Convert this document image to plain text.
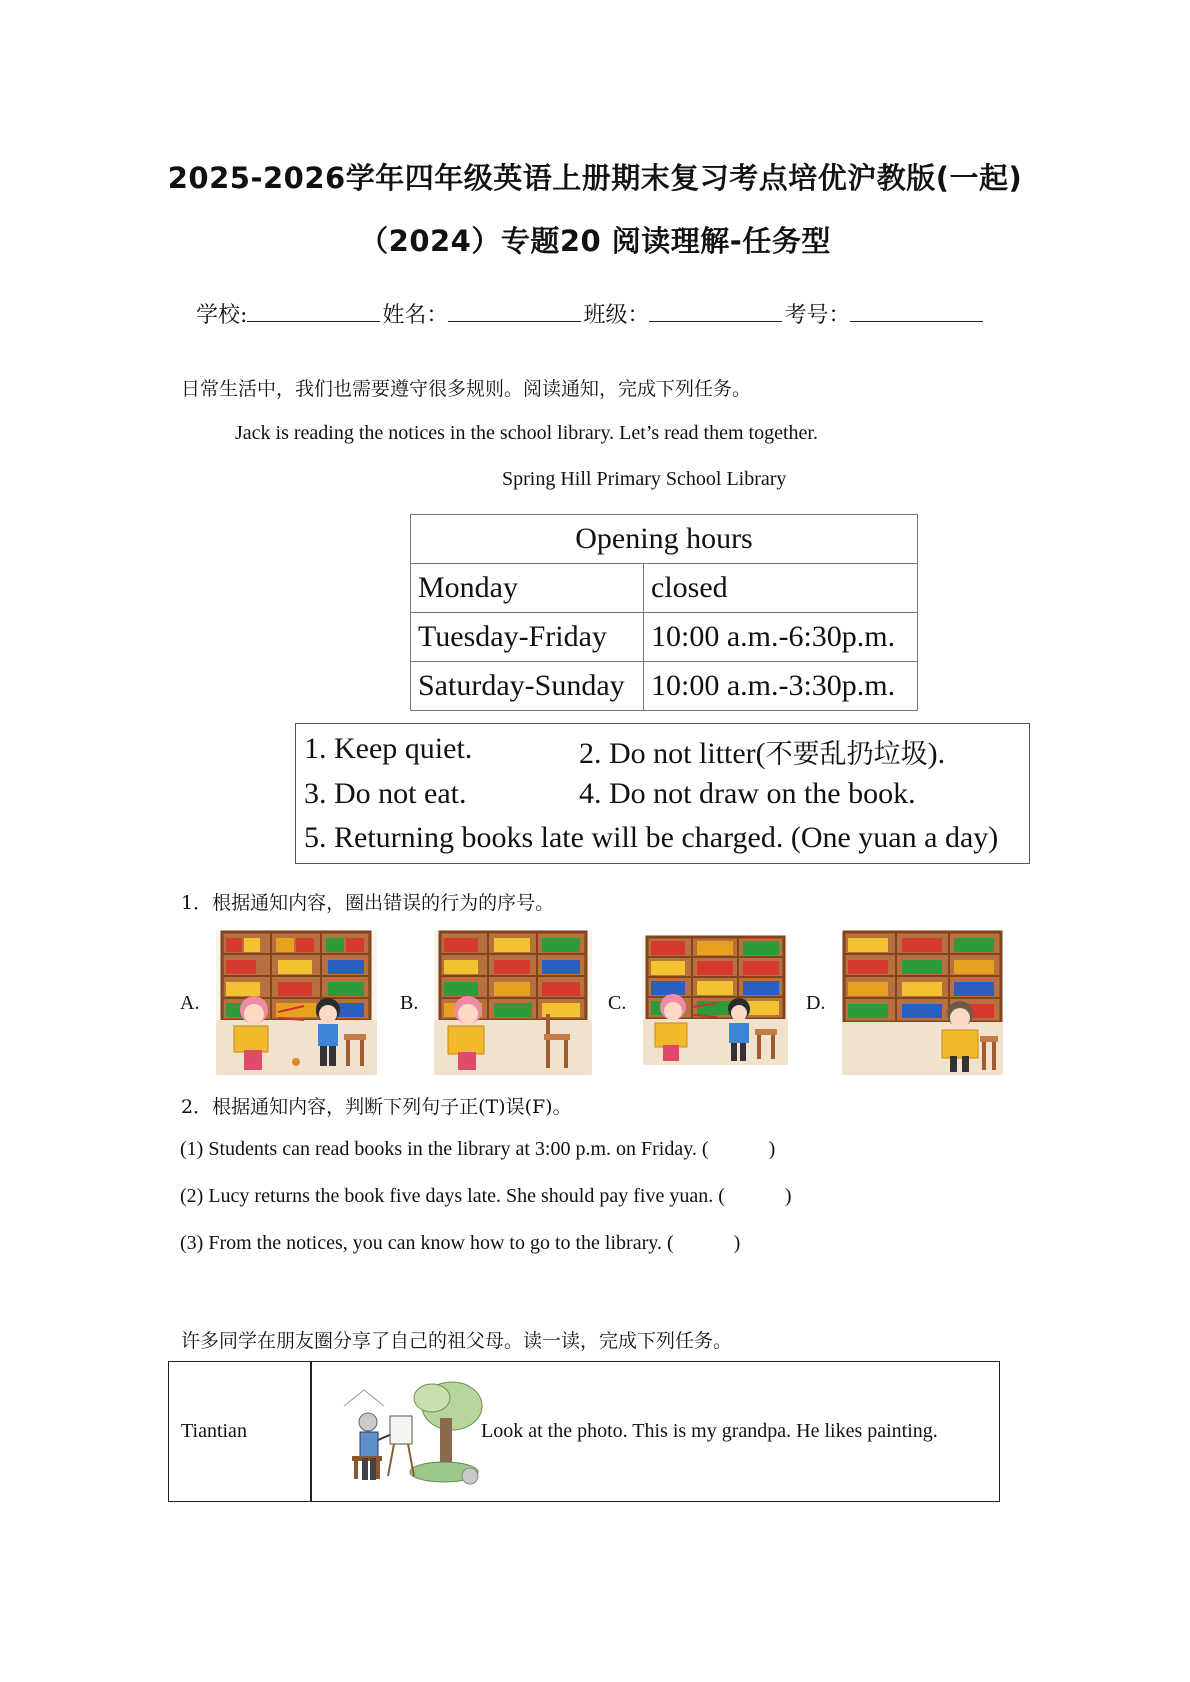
2025-2026学年四年级英语上册期末复习考点培优沪教版(一起)
（2024）专题20 阅读理解-任务型
学校:	姓名：	班级：	考号：
日常生活中，我们也需要遵守很多规则。阅读通知，完成下列任务。
Jack is reading the notices in the school library. Let’s read them together.
Spring Hill Primary School Library
Opening hours	
Monday	closed
Tuesday-Friday	10:00 a.m.-6:30p.m.
Saturday-Sunday	10:00 a.m.-3:30p.m.
1. Keep quiet.	2. Do not litter(不要乱扔垃圾).
3. Do not eat.	4. Do not draw on the book.
5. Returning books late will be charged. (One yuan a day)
1．根据通知内容，圈出错误的行为的序号。
A.	B.	C.	D.
2．根据通知内容，判断下列句子正(T)误(F)。
(1) Students can read books in the library at 3:00 p.m. on Friday. (	)
(2) Lucy returns the book five days late. She should pay five yuan. (	)
(3) From the notices, you can know how to go to the library. (	)
许多同学在朋友圈分享了自己的祖父母。读一读，完成下列任务。
Tiantian	Look at the photo. This is my grandpa. He likes painting.
